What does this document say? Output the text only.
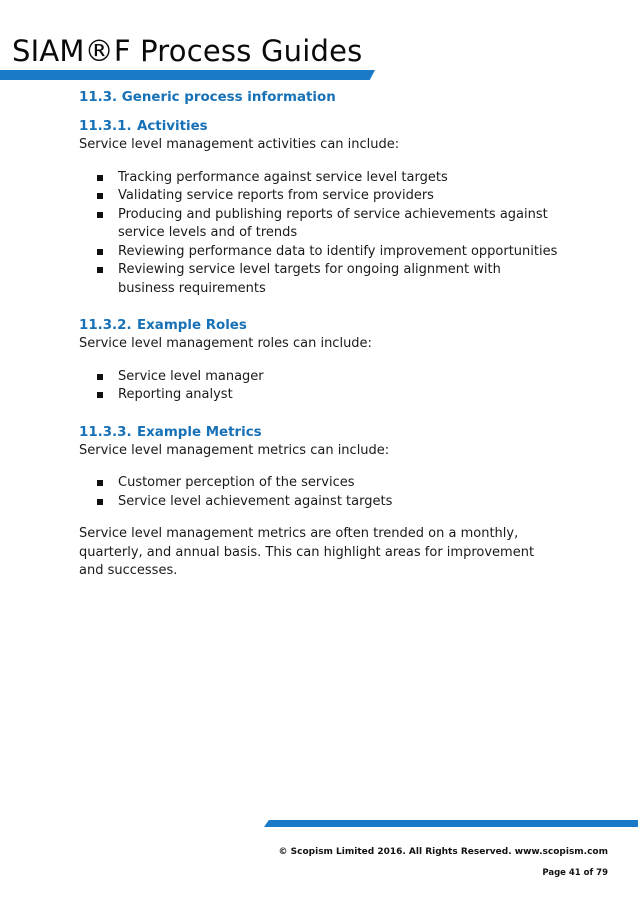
SIAM®F Process Guides
11.3. Generic process information
11.3.1. Activities

Service level management activities can include:

Tracking performance against service level targets
Validating service reports from service providers
Producing and publishing reports of service achievements against service levels and of trends
Reviewing performance data to identify improvement opportunities
Reviewing service level targets for ongoing alignment with business requirements
11.3.2. Example Roles

Service level management roles can include:

Service level manager
Reporting analyst
11.3.3. Example Metrics

Service level management metrics can include:

Customer perception of the services
Service level achievement against targets

Service level management metrics are often trended on a monthly, quarterly, and annual basis. This can highlight areas for improvement and successes.

© Scopism Limited 2016. All Rights Reserved. www.scopism.com
Page 41 of 79
